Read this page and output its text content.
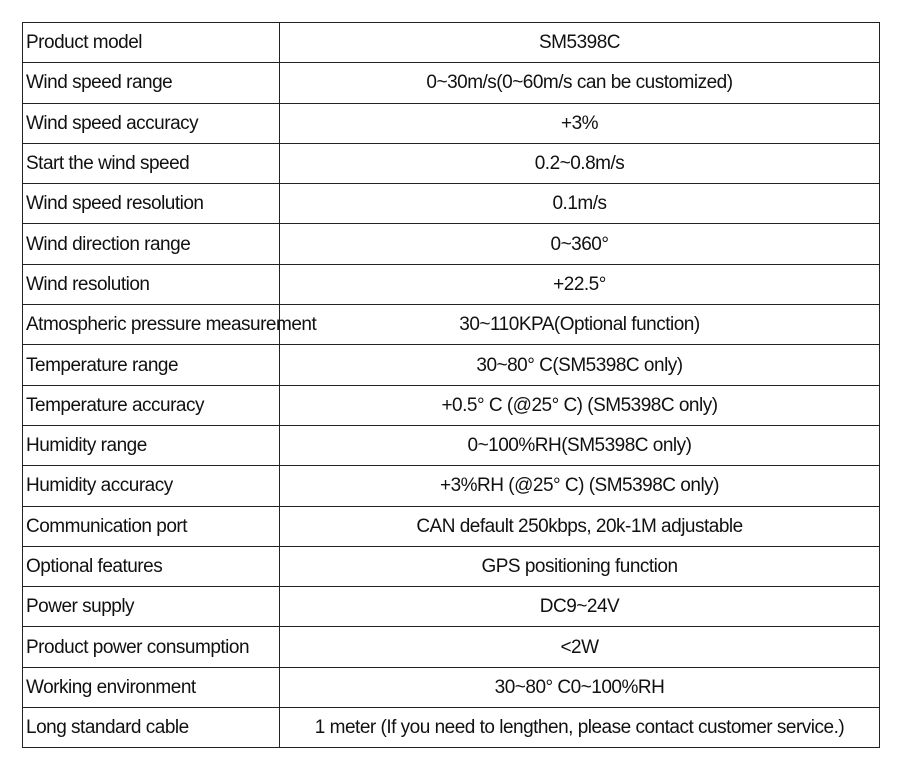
Product model	SM5398C
Wind speed range	0~30m/s(0~60m/s can be customized)
Wind speed accuracy	+3%
Start the wind speed	0.2~0.8m/s
Wind speed resolution	0.1m/s
Wind direction range	0~360°
Wind resolution	+22.5°
Atmospheric pressure measurement	30~110KPA(Optional function)
Temperature range	30~80° C(SM5398C only)
Temperature accuracy	+0.5° C (@25° C) (SM5398C only)
Humidity range	0~100%RH(SM5398C only)
Humidity accuracy	+3%RH (@25° C) (SM5398C only)
Communication port	CAN default 250kbps, 20k-1M adjustable
Optional features	GPS positioning function
Power supply	DC9~24V
Product power consumption	<2W
Working environment	30~80° C0~100%RH
Long standard cable	1 meter (If you need to lengthen, please contact customer service.)
